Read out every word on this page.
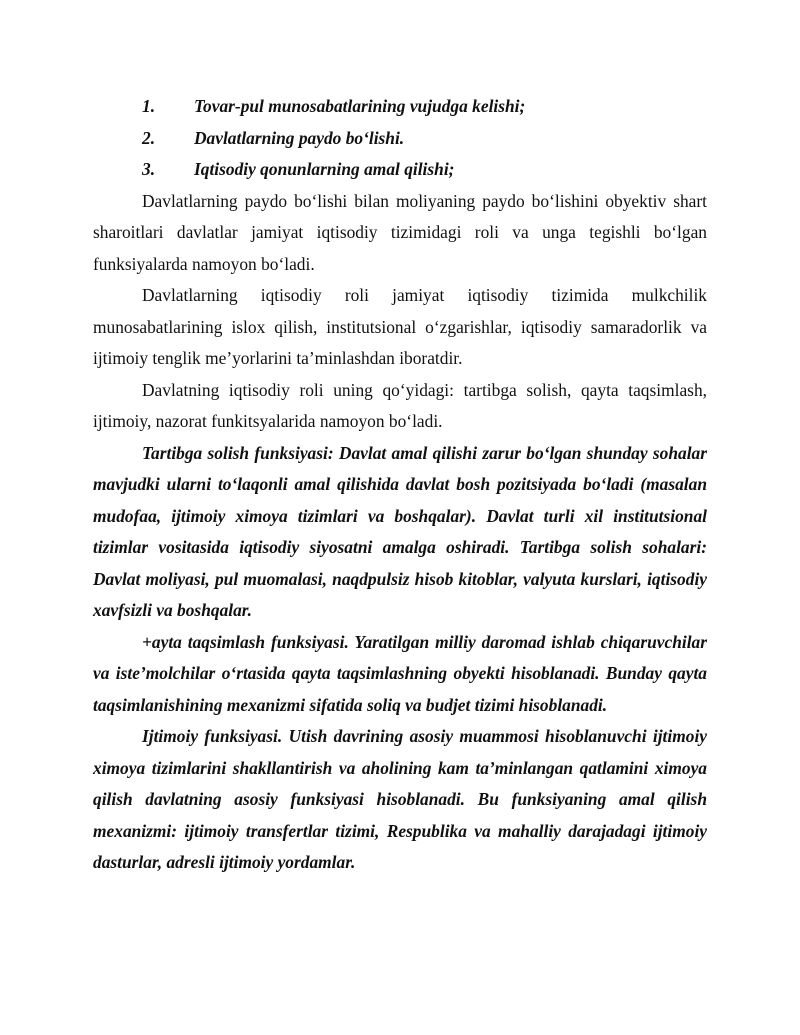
1.	Tovar-pul munosabatlarining vujudga kelishi;
2.	Davlatlarning paydo bo‘lishi.
3.	Iqtisodiy qonunlarning amal qilishi;

Davlatlarning paydo bo‘lishi bilan moliyaning paydo bo‘lishini obyektiv shart sharoitlari davlatlar jamiyat iqtisodiy tizimidagi roli va unga tegishli bo‘lgan funksiyalarda namoyon bo‘ladi.

Davlatlarning iqtisodiy roli jamiyat iqtisodiy tizimida mulkchilik munosabatlarining islox qilish, institutsional o‘zgarishlar, iqtisodiy samaradorlik va ijtimoiy tenglik me’yorlarini ta’minlashdan iboratdir.

Davlatning iqtisodiy roli uning qo‘yidagi: tartibga solish, qayta taqsimlash, ijtimoiy, nazorat funkitsyalarida namoyon bo‘ladi.

Tartibga solish funksiyasi: Davlat amal qilishi zarur bo‘lgan shunday sohalar mavjudki ularni to‘laqonli amal qilishida davlat bosh pozitsiyada bo‘ladi (masalan mudofaa, ijtimoiy ximoya tizimlari va boshqalar). Davlat turli xil institutsional tizimlar vositasida iqtisodiy siyosatni amalga oshiradi. Tartibga solish sohalari: Davlat moliyasi, pul muomalasi, naqdpulsiz hisob kitoblar, valyuta kurslari, iqtisodiy xavfsizli va boshqalar.

+ayta taqsimlash funksiyasi. Yaratilgan milliy daromad ishlab chiqaruvchilar va iste’molchilar o‘rtasida qayta taqsimlashning obyekti hisoblanadi. Bunday qayta taqsimlanishining mexanizmi sifatida soliq va budjet tizimi hisoblanadi.

Ijtimoiy funksiyasi. Utish davrining asosiy muammosi hisoblanuvchi ijtimoiy ximoya tizimlarini shakllantirish va aholining kam ta’minlangan qatlamini ximoya qilish davlatning asosiy funksiyasi hisoblanadi. Bu funksiyaning amal qilish mexanizmi: ijtimoiy transfertlar tizimi, Respublika va mahalliy darajadagi ijtimoiy dasturlar, adresli ijtimoiy yordamlar.
